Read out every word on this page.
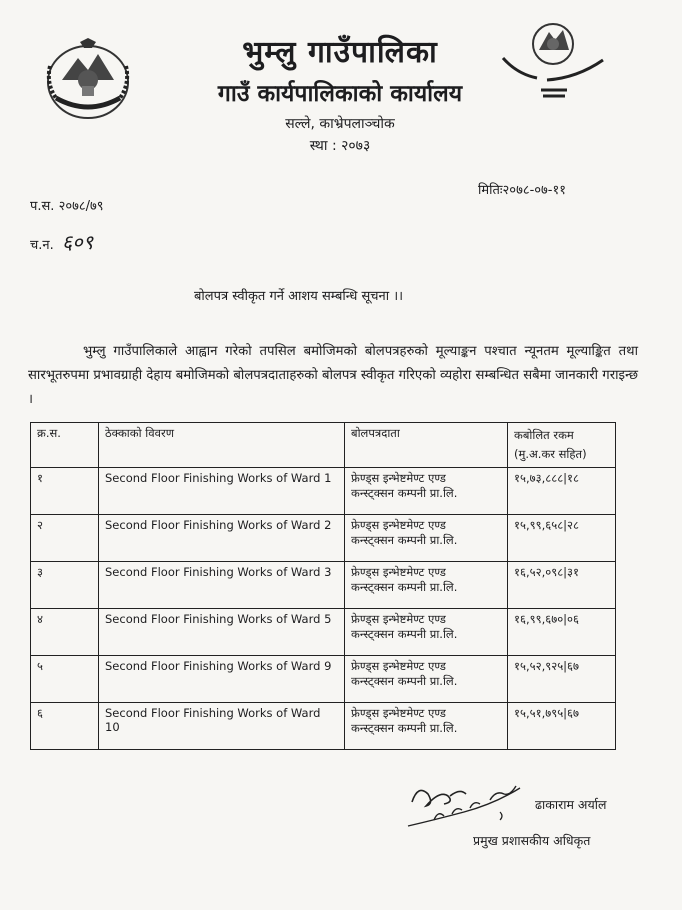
भुम्लु गाउँपालिका
गाउँ कार्यपालिकाको कार्यालय
सल्ले, काभ्रेपलाञ्चोक
स्था : २०७३
मितिः२०७८-०७-११
प.स. २०७८/७९
च.न. ६०९
बोलपत्र स्वीकृत गर्ने आशय सम्बन्धि सूचना ।।
भुम्लु गाउँपालिकाले आह्वान गरेको तपसिल बमोजिमको बोलपत्रहरुको मूल्याङ्कन पश्चात न्यूनतम मूल्याङ्कित तथा सारभूतरुपमा प्रभावग्राही देहाय बमोजिमको बोलपत्रदाताहरुको बोलपत्र स्वीकृत गरिएको व्यहोरा सम्बन्धित सबैमा जानकारी गराइन्छ ।
क्र.स.	ठेक्काको विवरण	बोलपत्रदाता	कबोलित रकम
(मु.अ.कर सहित)

१	Second Floor Finishing Works of Ward 1	फ्रेण्ड्स इन्भेष्टमेण्ट एण्ड
कन्स्ट्क्सन कम्पनी प्रा.लि.	१५,७३,८८८|१८
२	Second Floor Finishing Works of Ward 2	फ्रेण्ड्स इन्भेष्टमेण्ट एण्ड
कन्स्ट्क्सन कम्पनी प्रा.लि.	१५,९९,६५८|२८
३	Second Floor Finishing Works of Ward 3	फ्रेण्ड्स इन्भेष्टमेण्ट एण्ड
कन्स्ट्क्सन कम्पनी प्रा.लि.	१६,५२,०९८|३१
४	Second Floor Finishing Works of Ward 5	फ्रेण्ड्स इन्भेष्टमेण्ट एण्ड
कन्स्ट्क्सन कम्पनी प्रा.लि.	१६,९९,६७०|०६
५	Second Floor Finishing Works of Ward 9	फ्रेण्ड्स इन्भेष्टमेण्ट एण्ड
कन्स्ट्क्सन कम्पनी प्रा.लि.	१५,५२,९२५|६७
६	Second Floor Finishing Works of Ward 10	फ्रेण्ड्स इन्भेष्टमेण्ट एण्ड
कन्स्ट्क्सन कम्पनी प्रा.लि.	१५,५१,७९५|६७
ढाकाराम अर्याल
प्रमुख प्रशासकीय अधिकृत
